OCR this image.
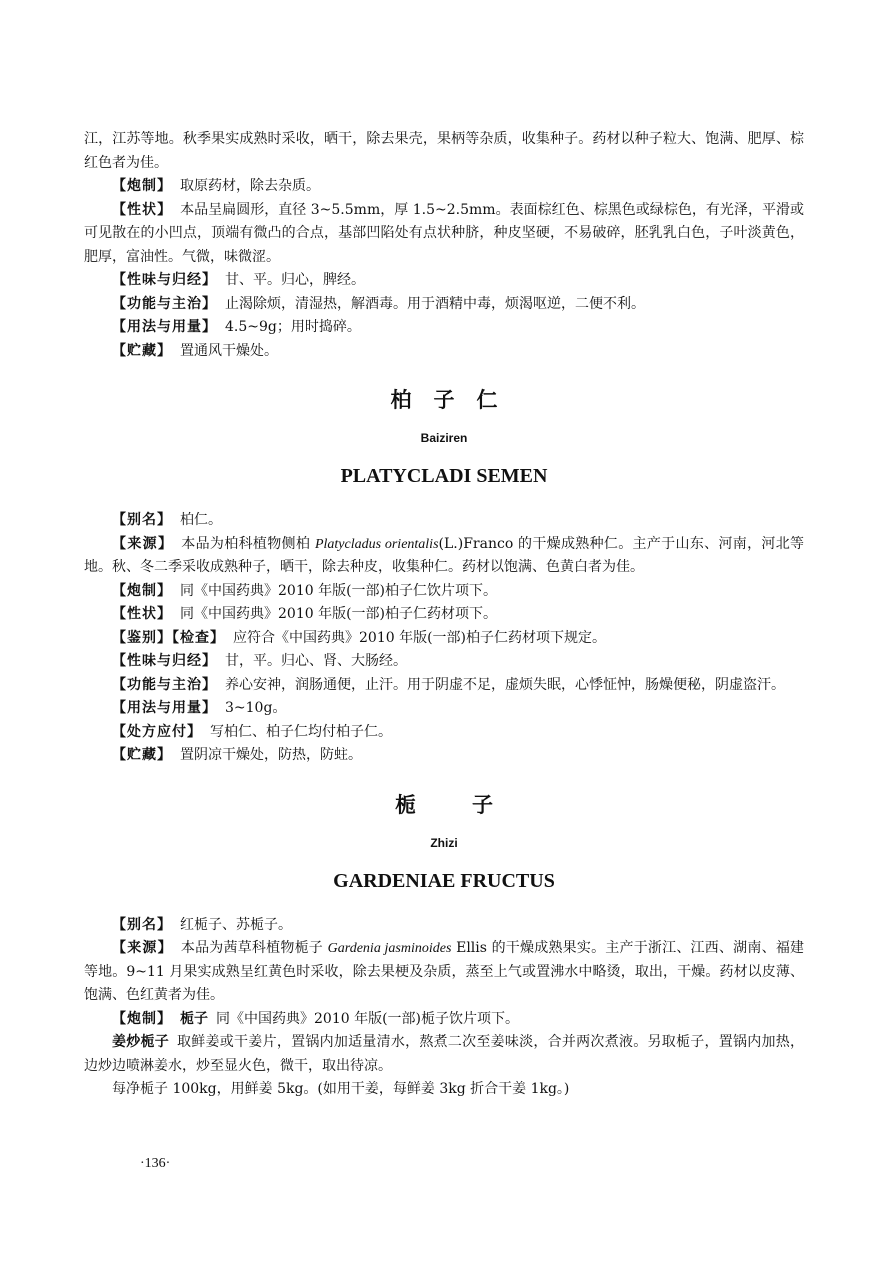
江，江苏等地。秋季果实成熟时采收，晒干，除去果壳，果柄等杂质，收集种子。药材以种子粒大、饱满、肥厚、棕红色者为佳。

【 炮制 】 取原药材，除去杂质。

【 性状 】 本品呈扁圆形，直径 3~5.5mm，厚 1.5~2.5mm。表面棕红色、棕黑色或绿棕色，有光泽，平滑或可见散在的小凹点，顶端有微凸的合点，基部凹陷处有点状种脐，种皮坚硬，不易破碎，胚乳乳白色，子叶淡黄色，肥厚，富油性。气微，味微涩。

【 性味与归经 】 甘、平。归心，脾经。

【 功能与主治 】 止渴除烦，清湿热，解酒毒。用于酒精中毒，烦渴呕逆，二便不利。

【 用法与用量 】 4.5~9g；用时捣碎。

【 贮藏 】 置通风干燥处。

柏子仁
Baiziren
PLATYCLADI SEMEN

【 别名 】 柏仁。

【 来源 】 本品为柏科植物侧柏 Platycladus orientalis(L.)Franco 的干燥成熟种仁。主产于山东、河南，河北等地。秋、冬二季采收成熟种子，晒干，除去种皮，收集种仁。药材以饱满、色黄白者为佳。

【 炮制 】 同《中国药典》2010 年版(一部)柏子仁饮片项下。

【 性状 】 同《中国药典》2010 年版(一部)柏子仁药材项下。

【 鉴别】【检查 】 应符合《中国药典》2010 年版(一部)柏子仁药材项下规定。

【 性味与归经 】 甘，平。归心、肾、大肠经。

【 功能与主治 】 养心安神，润肠通便，止汗。用于阴虚不足，虚烦失眠，心悸怔忡，肠燥便秘，阴虚盗汗。

【 用法与用量 】 3~10g。

【 处方应付 】 写柏仁、柏子仁均付柏子仁。

【 贮藏 】 置阴凉干燥处，防热，防蛀。

栀子
Zhizi
GARDENIAE FRUCTUS

【 别名 】 红栀子、苏栀子。

【 来源 】 本品为茜草科植物栀子 Gardenia jasminoides Ellis 的干燥成熟果实。主产于浙江、江西、湖南、福建等地。9~11 月果实成熟呈红黄色时采收，除去果梗及杂质，蒸至上气或置沸水中略烫，取出，干燥。药材以皮薄、饱满、色红黄者为佳。

【 炮制 】 栀子 同《中国药典》2010 年版(一部)栀子饮片项下。

姜炒栀子 取鲜姜或干姜片，置锅内加适量清水，熬煮二次至姜味淡，合并两次煮液。另取栀子，置锅内加热，边炒边喷淋姜水，炒至显火色，微干，取出待凉。

每净栀子 100kg，用鲜姜 5kg。(如用干姜，每鲜姜 3kg 折合干姜 1kg。)

·136·
